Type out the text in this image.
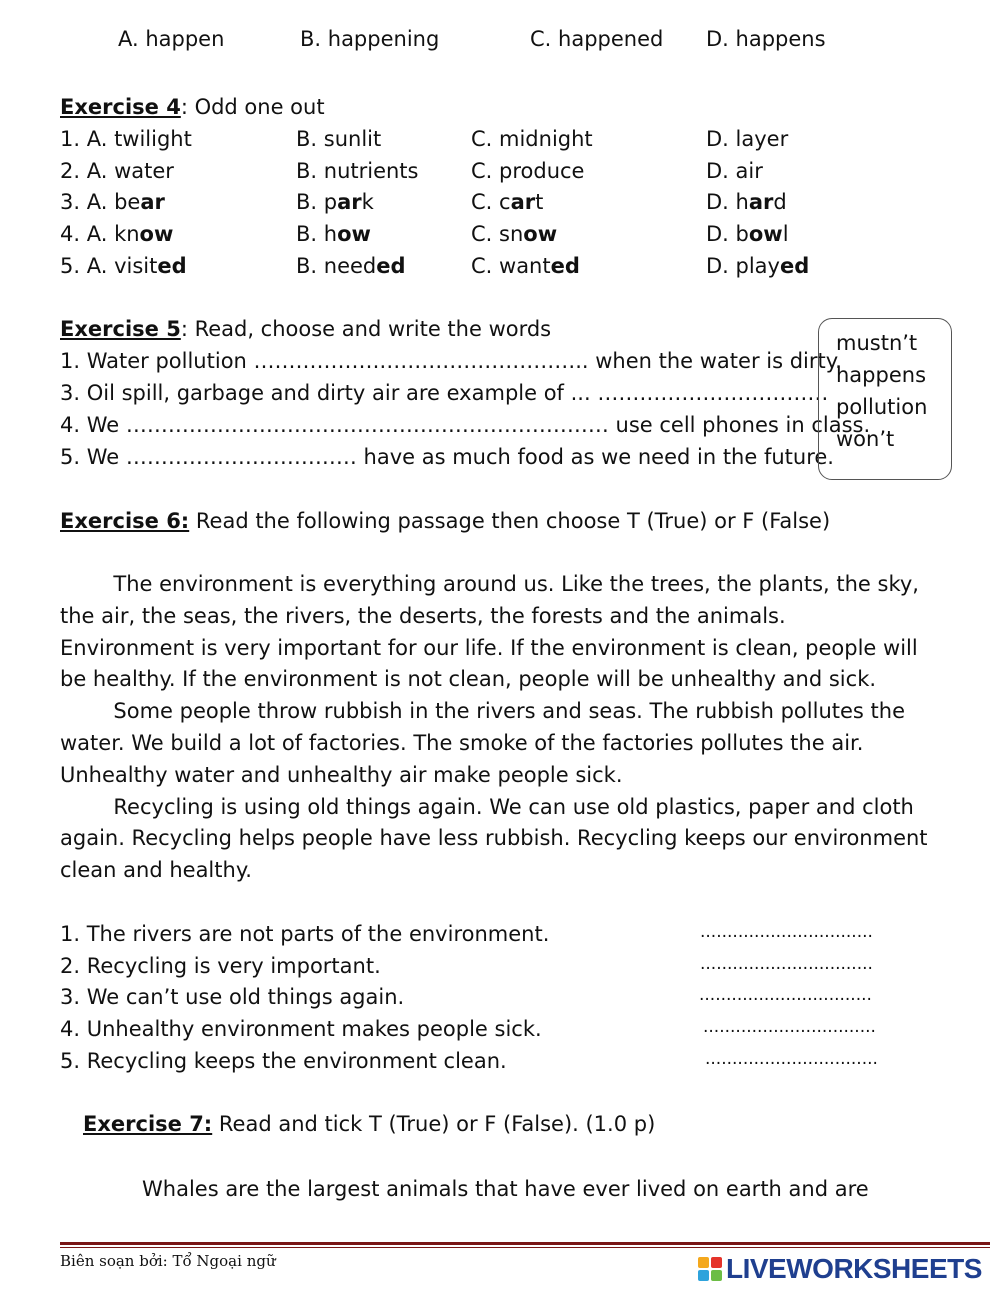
A. happen	B. happening	C. happened D. happens
Exercise 4: Odd one out
1. A. twilight	B. sunlit	C. midnight	D. layer
2. A. water	B. nutrients	C. produce	D. air
3. A. bear	B. park	C. cart	D. hard
4. A. know	B. how	C. snow	D. bowl
5. A. visited	B. needed	C. wanted	D. played
Exercise 5: Read, choose and write the words
1. Water pollution ……………….……………………….. when the water is dirty.
3. Oil spill, garbage and dirty air are example of ... ……………………………
4. We …………………………………………………………… use cell phones in class.
5. We …………………………… have as much food as we need in the future.
mustn’t
happens
pollution
won’t
Exercise 6: Read the following passage then choose T (True) or F (False)
The environment is everything around us. Like the trees, the plants, the sky,
the air, the seas, the rivers, the deserts, the forests and the animals.
Environment is very important for our life. If the environment is clean, people will
be healthy. If the environment is not clean, people will be unhealthy and sick.
Some people throw rubbish in the rivers and seas. The rubbish pollutes the
water. We build a lot of factories. The smoke of the factories pollutes the air.
Unhealthy water and unhealthy air make people sick.
Recycling is using old things again. We can use old plastics, paper and cloth
again. Recycling helps people have less rubbish. Recycling keeps our environment
clean and healthy.
1. The rivers are not parts of the environment.	................................
2. Recycling is very important.	................................
3. We can’t use old things again.	................................
4. Unhealthy environment makes people sick.	................................
5. Recycling keeps the environment clean.	................................
Exercise 7: Read and tick T (True) or F (False). (1.0 p)
Whales are the largest animals that have ever lived on earth and are
Biên soạn bởi: Tổ Ngoại ngữ	LIVEWORKSHEETS
